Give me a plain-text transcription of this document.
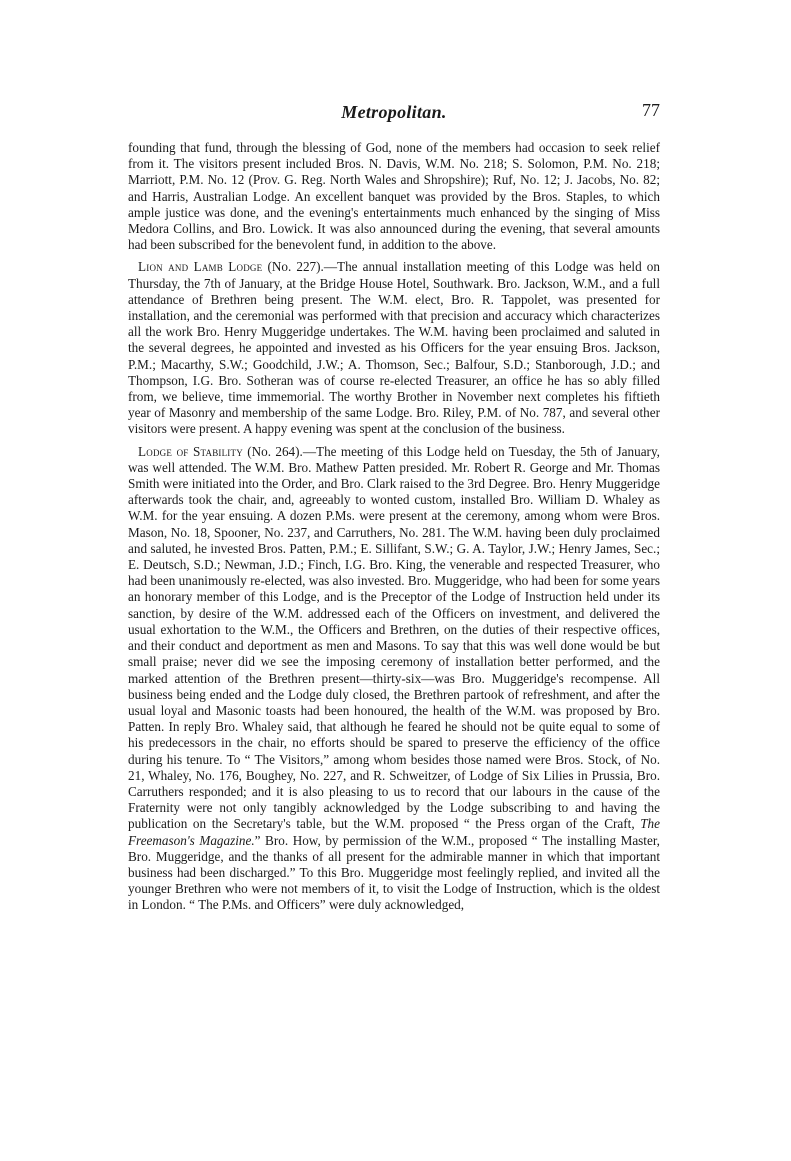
Metropolitan.	77

founding that fund, through the blessing of God, none of the members had occasion to seek relief from it. The visitors present included Bros. N. Davis, W.M. No. 218; S. Solomon, P.M. No. 218; Marriott, P.M. No. 12 (Prov. G. Reg. North Wales and Shropshire); Ruf, No. 12; J. Jacobs, No. 82; and Harris, Australian Lodge. An excellent banquet was provided by the Bros. Staples, to which ample justice was done, and the evening's entertainments much enhanced by the singing of Miss Medora Collins, and Bro. Lowick. It was also announced during the evening, that several amounts had been subscribed for the benevolent fund, in addition to the above.

Lion and Lamb Lodge (No. 227).—The annual installation meeting of this Lodge was held on Thursday, the 7th of January, at the Bridge House Hotel, Southwark. Bro. Jackson, W.M., and a full attendance of Brethren being present. The W.M. elect, Bro. R. Tappolet, was presented for installation, and the ceremonial was performed with that precision and accuracy which characterizes all the work Bro. Henry Muggeridge undertakes. The W.M. having been proclaimed and saluted in the several degrees, he appointed and invested as his Officers for the year ensuing Bros. Jackson, P.M.; Macarthy, S.W.; Goodchild, J.W.; A. Thomson, Sec.; Balfour, S.D.; Stanborough, J.D.; and Thompson, I.G. Bro. Sotheran was of course re-elected Treasurer, an office he has so ably filled from, we believe, time immemorial. The worthy Brother in November next completes his fiftieth year of Masonry and membership of the same Lodge. Bro. Riley, P.M. of No. 787, and several other visitors were present. A happy evening was spent at the conclusion of the business.

Lodge of Stability (No. 264).—The meeting of this Lodge held on Tuesday, the 5th of January, was well attended. The W.M. Bro. Mathew Patten presided. Mr. Robert R. George and Mr. Thomas Smith were initiated into the Order, and Bro. Clark raised to the 3rd Degree. Bro. Henry Muggeridge afterwards took the chair, and, agreeably to wonted custom, installed Bro. William D. Whaley as W.M. for the year ensuing. A dozen P.Ms. were present at the ceremony, among whom were Bros. Mason, No. 18, Spooner, No. 237, and Carruthers, No. 281. The W.M. having been duly proclaimed and saluted, he invested Bros. Patten, P.M.; E. Sillifant, S.W.; G. A. Taylor, J.W.; Henry James, Sec.; E. Deutsch, S.D.; Newman, J.D.; Finch, I.G. Bro. King, the venerable and respected Treasurer, who had been unanimously re-elected, was also invested. Bro. Muggeridge, who had been for some years an honorary member of this Lodge, and is the Preceptor of the Lodge of Instruction held under its sanction, by desire of the W.M. addressed each of the Officers on investment, and delivered the usual exhortation to the W.M., the Officers and Brethren, on the duties of their respective offices, and their conduct and deportment as men and Masons. To say that this was well done would be but small praise; never did we see the imposing ceremony of installation better performed, and the marked attention of the Brethren present—thirty-six—was Bro. Muggeridge's recompense. All business being ended and the Lodge duly closed, the Brethren partook of refreshment, and after the usual loyal and Masonic toasts had been honoured, the health of the W.M. was proposed by Bro. Patten. In reply Bro. Whaley said, that although he feared he should not be quite equal to some of his predecessors in the chair, no efforts should be spared to preserve the efficiency of the office during his tenure. To “ The Visitors,” among whom besides those named were Bros. Stock, of No. 21, Whaley, No. 176, Boughey, No. 227, and R. Schweitzer, of Lodge of Six Lilies in Prussia, Bro. Carruthers responded; and it is also pleasing to us to record that our labours in the cause of the Fraternity were not only tangibly acknowledged by the Lodge subscribing to and having the publication on the Secretary's table, but the W.M. proposed “ the Press organ of the Craft, The Freemason's Magazine.” Bro. How, by permission of the W.M., proposed “ The installing Master, Bro. Muggeridge, and the thanks of all present for the admirable manner in which that important business had been discharged.” To this Bro. Muggeridge most feelingly replied, and invited all the younger Brethren who were not members of it, to visit the Lodge of Instruction, which is the oldest in London. “ The P.Ms. and Officers” were duly acknowledged,
